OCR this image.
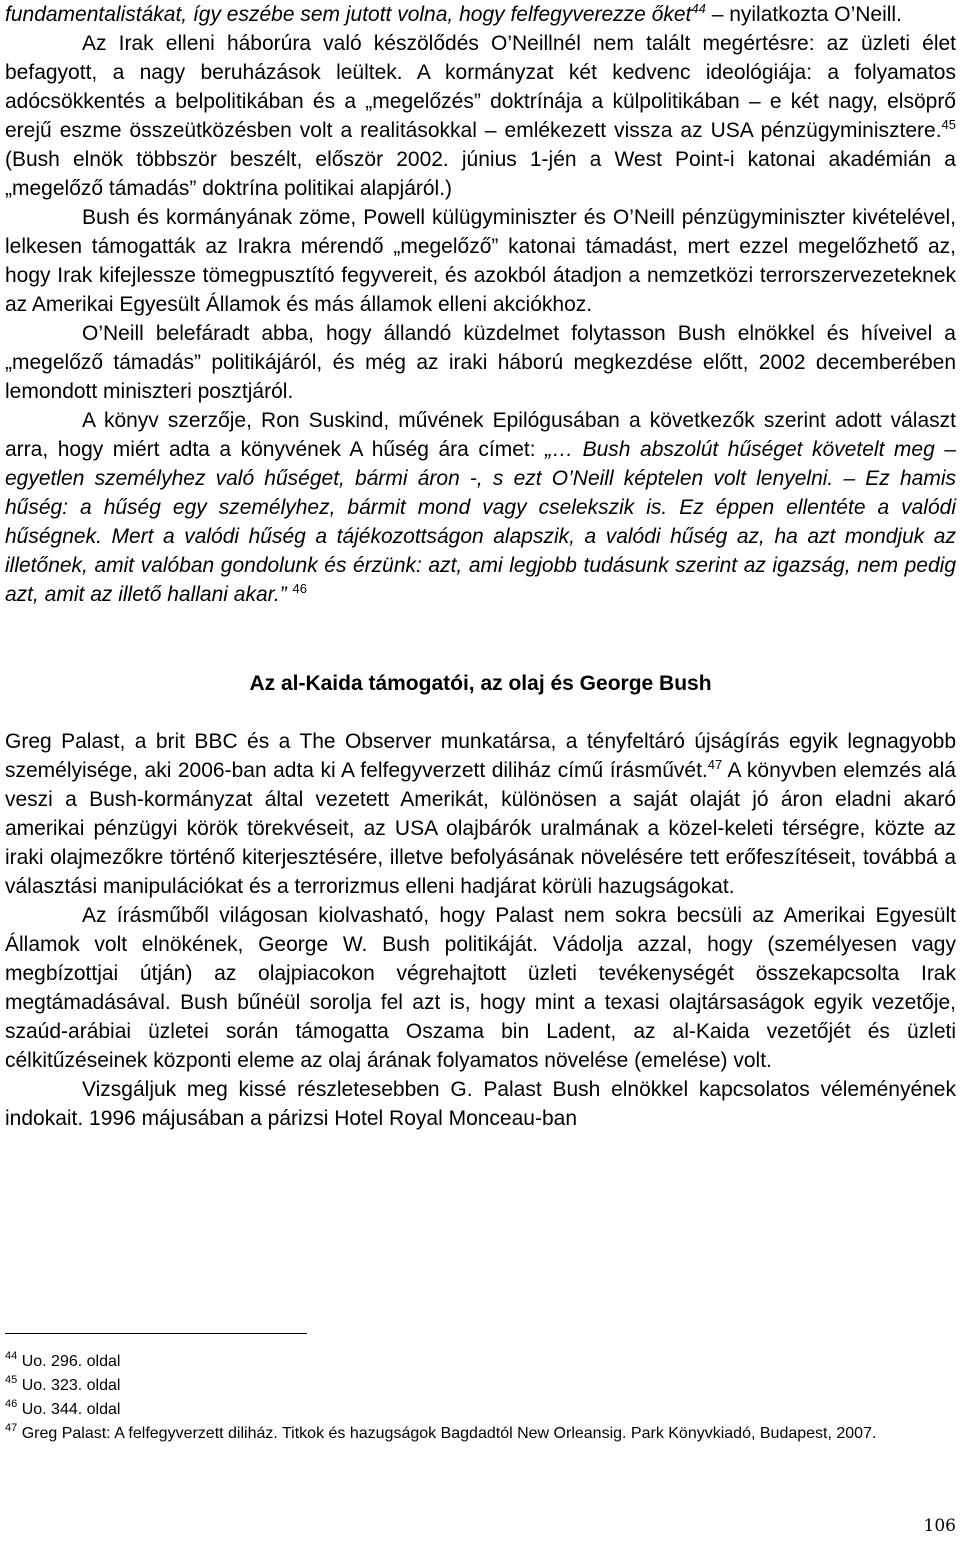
fundamentalistákat, így eszébe sem jutott volna, hogy felfegyverezze őket$^{44}$ – nyilatkozta O’Neill.

Az Irak elleni háborúra való készölődés O’Neillnél nem talált megértésre: az üzleti élet befagyott, a nagy beruházások leültek. A kormányzat két kedvenc ideológiája: a folyamatos adócsökkentés a belpolitikában és a „megelőzés” doktrínája a külpolitikában – e két nagy, elsöprő erejű eszme összeütközésben volt a realitásokkal – emlékezett vissza az USA pénzügyminisztere.$^{45}$ (Bush elnök többször beszélt, először 2002. június 1-jén a West Point-i katonai akadémián a „megelőző támadás” doktrína politikai alapjáról.)

Bush és kormányának zöme, Powell külügyminiszter és O’Neill pénzügyminiszter kivételével, lelkesen támogatták az Irakra mérendő „megelőző” katonai támadást, mert ezzel megelőzhető az, hogy Irak kifejlessze tömegpusztító fegyvereit, és azokból átadjon a nemzetközi terrorszervezeteknek az Amerikai Egyesült Államok és más államok elleni akciókhoz.

O’Neill belefáradt abba, hogy állandó küzdelmet folytasson Bush elnökkel és híveivel a „megelőző támadás” politikájáról, és még az iraki háború megkezdése előtt, 2002 decemberében lemondott miniszteri posztjáról.

A könyv szerzője, Ron Suskind, művének Epilógusában a következők szerint adott választ arra, hogy miért adta a könyvének A hűség ára címet: „… Bush abszolút hűséget követelt meg – egyetlen személyhez való hűséget, bármi áron -, s ezt O’Neill képtelen volt lenyelni. – Ez hamis hűség: a hűség egy személyhez, bármit mond vagy cselekszik is. Ez éppen ellentéte a valódi hűségnek. Mert a valódi hűség a tájékozottságon alapszik, a valódi hűség az, ha azt mondjuk az illetőnek, amit valóban gondolunk és érzünk: azt, ami legjobb tudásunk szerint az igazság, nem pedig azt, amit az illető hallani akar.” $^{46}$

Az al-Kaida támogatói, az olaj és George Bush

Greg Palast, a brit BBC és a The Observer munkatársa, a tényfeltáró újságírás egyik legnagyobb személyisége, aki 2006-ban adta ki A felfegyverzett diliház című írásművét.$^{47}$ A könyvben elemzés alá veszi a Bush-kormányzat által vezetett Amerikát, különösen a saját olaját jó áron eladni akaró amerikai pénzügyi körök törekvéseit, az USA olajbárók uralmának a közel-keleti térségre, közte az iraki olajmezőkre történő kiterjesztésére, illetve befolyásának növelésére tett erőfeszítéseit, továbbá a választási manipulációkat és a terrorizmus elleni hadjárat körüli hazugságokat.

Az írásműből világosan kiolvasható, hogy Palast nem sokra becsüli az Amerikai Egyesült Államok volt elnökének, George W. Bush politikáját. Vádolja azzal, hogy (személyesen vagy megbízottjai útján) az olajpiacokon végrehajtott üzleti tevékenységét összekapcsolta Irak megtámadásával. Bush bűnéül sorolja fel azt is, hogy mint a texasi olajtársaságok egyik vezetője, szaúd-arábiai üzletei során támogatta Oszama bin Ladent, az al-Kaida vezetőjét és üzleti célkitűzéseinek központi eleme az olaj árának folyamatos növelése (emelése) volt.

Vizsgáljuk meg kissé részletesebben G. Palast Bush elnökkel kapcsolatos véleményének indokait. 1996 májusában a párizsi Hotel Royal Monceau-ban

$^{44}$ Uo. 296. oldal

$^{45}$ Uo. 323. oldal

$^{46}$ Uo. 344. oldal

$^{47}$ Greg Palast: A felfegyverzett diliház. Titkok és hazugságok Bagdadtól New Orleansig. Park Könyvkiadó, Budapest, 2007.

106
